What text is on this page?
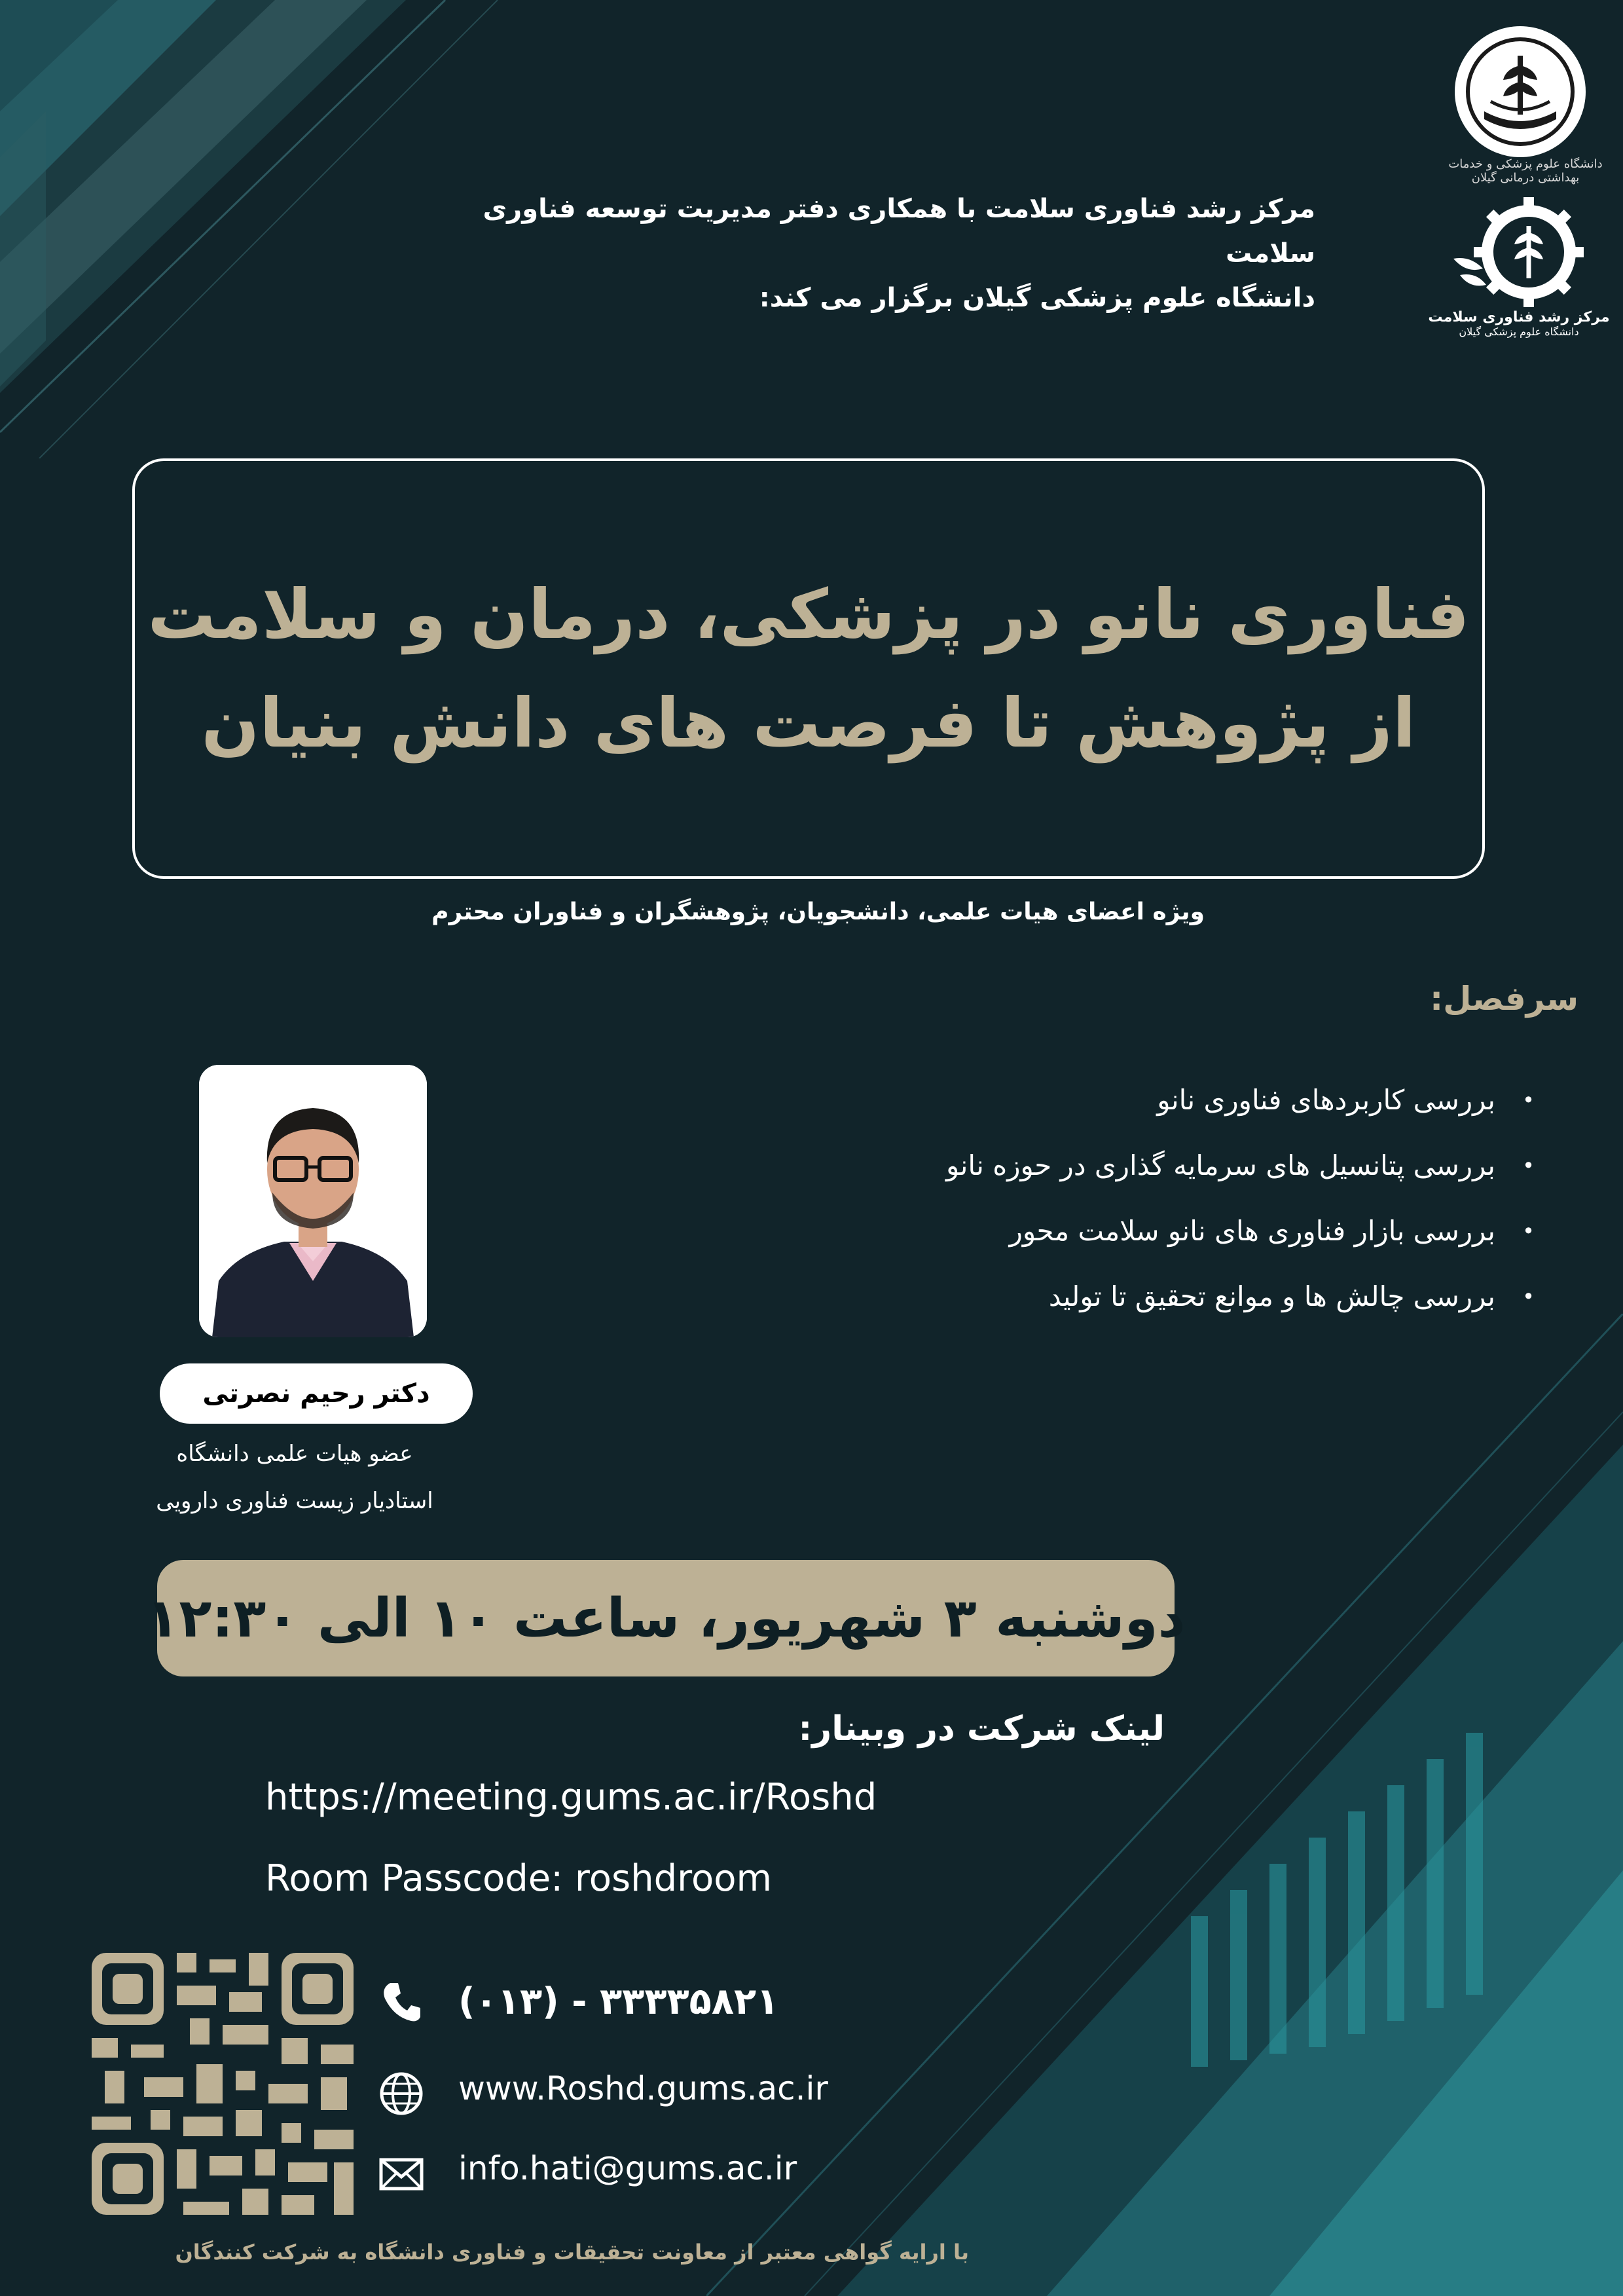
دانشگاه علوم پزشکی و خدمات بهداشتی درمانی گیلان
مرکز رشد فناوری سلامت
دانشگاه علوم پزشکی گیلان
مرکز رشد فناوری سلامت با همکاری دفتر مدیریت توسعه فناوری سلامت
دانشگاه علوم پزشکی گیلان برگزار می کند:
فناوری نانو در پزشکی، درمان و سلامت
از پژوهش تا فرصت های دانش بنیان
ویژه اعضای هیات علمی، دانشجویان، پژوهشگران و فناوران محترم
سرفصل:
• بررسی کاربردهای فناوری نانو
• بررسی پتانسیل های سرمایه گذاری در حوزه نانو
• بررسی بازار فناوری های نانو سلامت محور
• بررسی چالش ها و موانع تحقیق تا تولید
دکتر رحیم نصرتی
عضو هیات علمی دانشگاه
استادیار زیست فناوری دارویی
دوشنبه ۳ شهریور، ساعت ۱۰ الی ۱۲:۳۰
لینک شرکت در وبینار:
https://meeting.gums.ac.ir/Roshd
Room Passcode: roshdroom
(۰۱۳) - ۳۳۳۳۵۸۲۱
www.Roshd.gums.ac.ir
info.hati@gums.ac.ir
با ارایه گواهی معتبر از معاونت تحقیقات و فناوری دانشگاه به شرکت کنندگان
